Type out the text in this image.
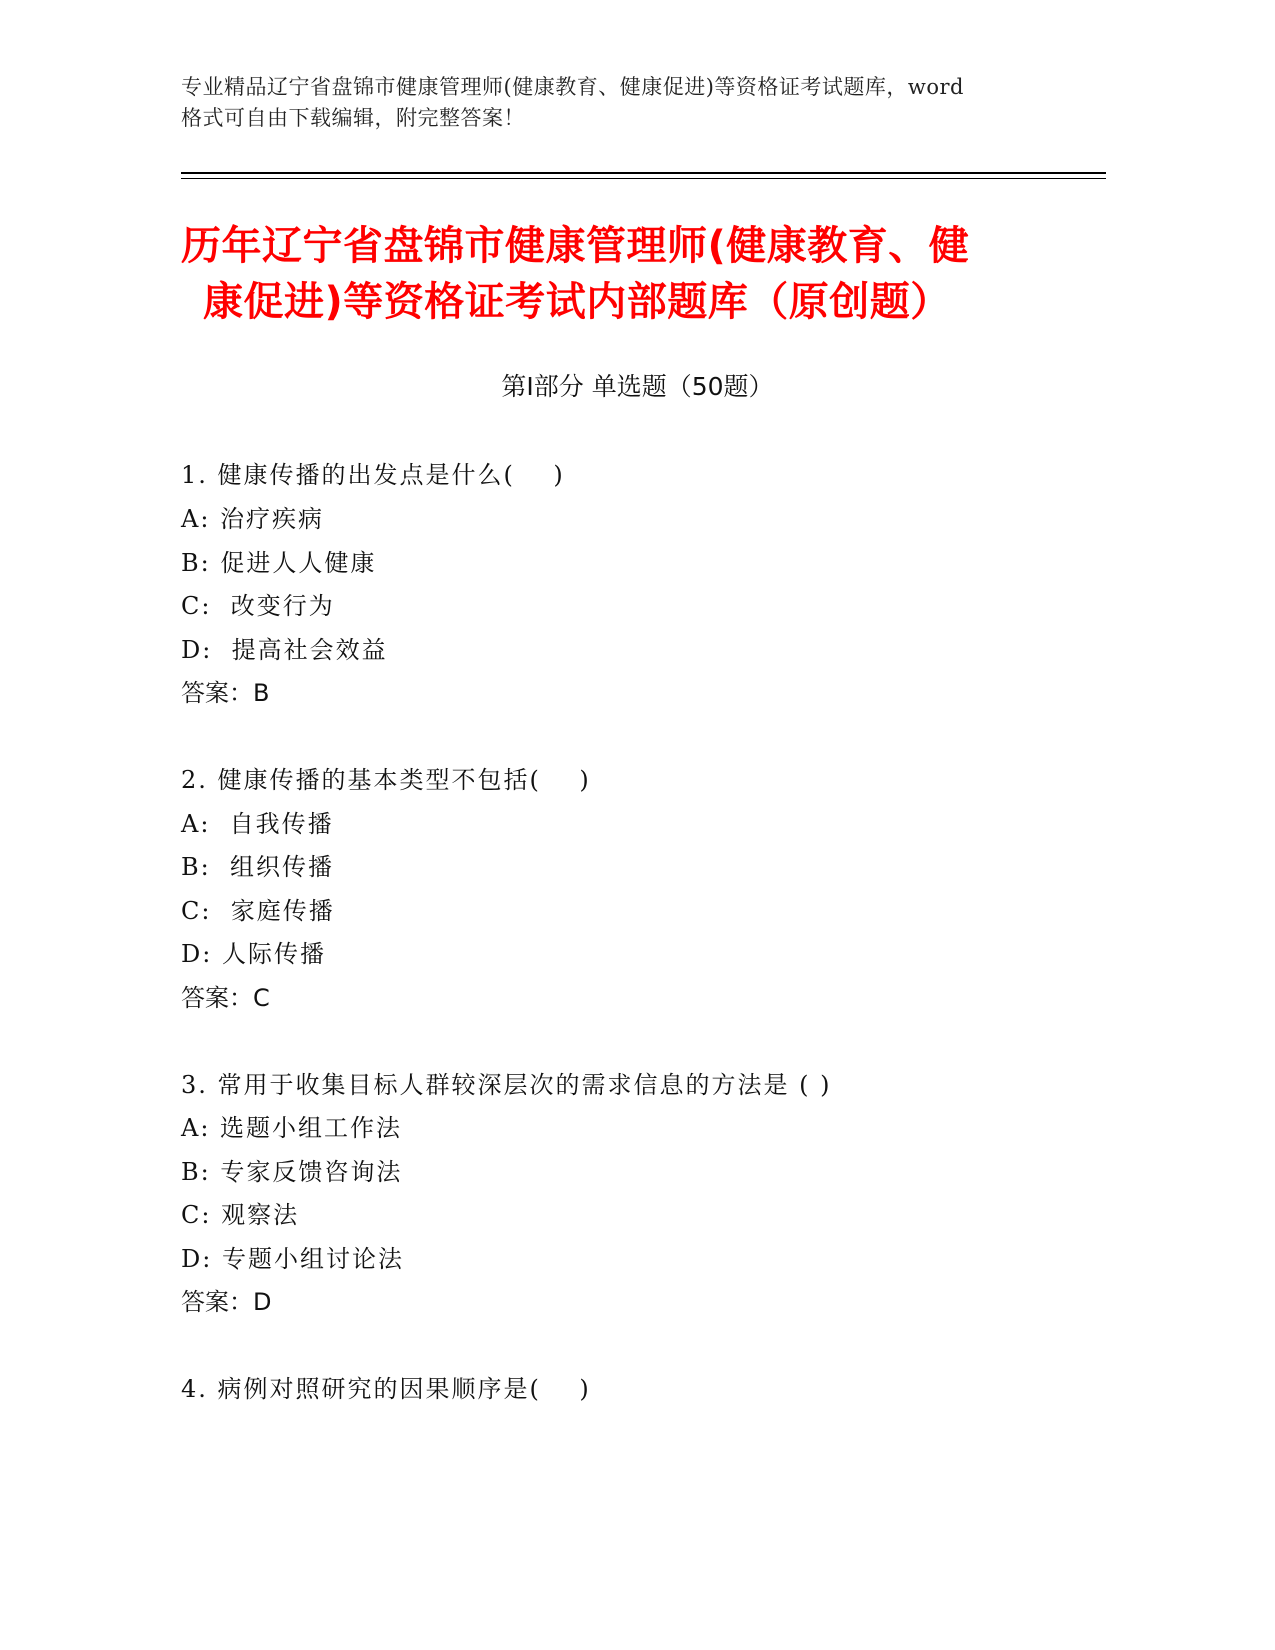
专业精品辽宁省盘锦市健康管理师(健康教育、健康促进)等资格证考试题库，word
格式可自由下载编辑，附完整答案！
历年辽宁省盘锦市健康管理师(健康教育、健
康促进)等资格证考试内部题库（原创题）
第Ⅰ部分 单选题（50题）
1. 健康传播的出发点是什么(    )
A: 治疗疾病
B: 促进人人健康
C:  改变行为
D:  提高社会效益
答案：B
2. 健康传播的基本类型不包括(    )
A:  自我传播
B:  组织传播
C:  家庭传播
D: 人际传播
答案：C
3. 常用于收集目标人群较深层次的需求信息的方法是 ( )
A: 选题小组工作法
B: 专家反馈咨询法
C: 观察法
D: 专题小组讨论法
答案：D
4. 病例对照研究的因果顺序是(    )
